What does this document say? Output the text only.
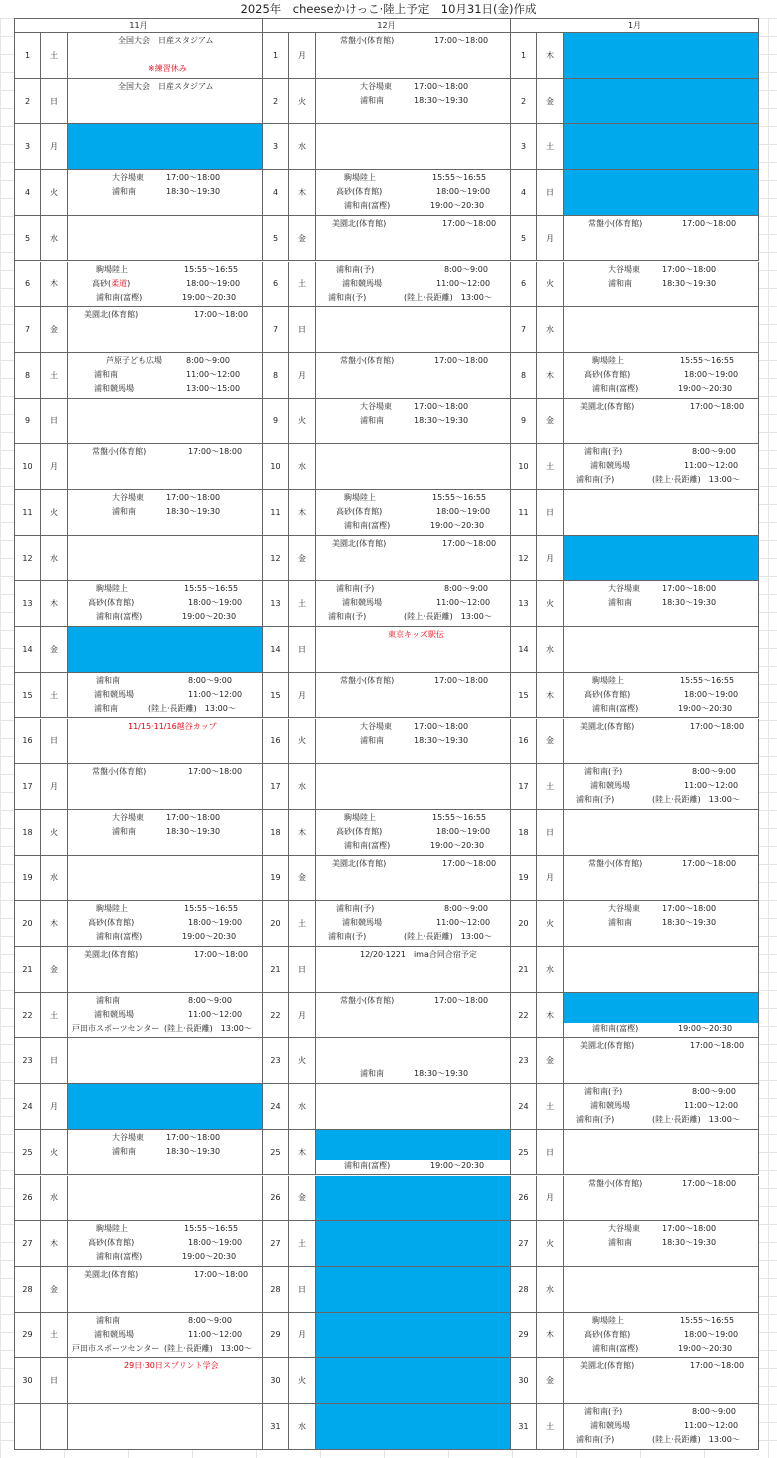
2025年　cheeseかけっこ·陸上予定　10月31日(金)作成
11月
1	土
全国大会　日産スタジアム
※練習休み
2	日
全国大会　日産スタジアム
3	月
4	火
大谷場東	17:00〜18:00
浦和南	18:30〜19:30
5	水
6	木
駒場陸上	15:55〜16:55
高砂(柔道)	18:00〜19:00
浦和南(富樫)	19:00〜20:30
7	金
美園北(体育館)	17:00〜18:00
8	土
芦原子ども広場	8:00〜9:00
浦和南	11:00〜12:00
浦和競馬場	13:00〜15:00
9	日
10	月
常盤小(体育館)	17:00〜18:00
11	火
大谷場東	17:00〜18:00
浦和南	18:30〜19:30
12	水
13	木
駒場陸上	15:55〜16:55
高砂(体育館)	18:00〜19:00
浦和南(富樫)	19:00〜20:30
14	金
15	土
浦和南	8:00〜9:00
浦和競馬場	11:00〜12:00
浦和南	(陸上·長距離)　13:00〜
16	日
11/15·11/16越谷カップ
17	月
常盤小(体育館)	17:00〜18:00
18	火
大谷場東	17:00〜18:00
浦和南	18:30〜19:30
19	水
20	木
駒場陸上	15:55〜16:55
高砂(体育館)	18:00〜19:00
浦和南(富樫)	19:00〜20:30
21	金
美園北(体育館)	17:00〜18:00
22	土
浦和南	8:00〜9:00
浦和競馬場	11:00〜12:00
戸田市スポーツセンター (陸上·長距離)　13:00〜
23	日
24	月
25	火
大谷場東	17:00〜18:00
浦和南	18:30〜19:30
26	水
27	木
駒場陸上	15:55〜16:55
高砂(体育館)	18:00〜19:00
浦和南(富樫)	19:00〜20:30
28	金
美園北(体育館)	17:00〜18:00
29	土
浦和南	8:00〜9:00
浦和競馬場	11:00〜12:00
戸田市スポーツセンター (陸上·長距離)　13:00〜
30	日
29日·30日スプリント学会
12月
1	月
常盤小(体育館)	17:00〜18:00
2	火
大谷場東	17:00〜18:00
浦和南	18:30〜19:30
3	水
4	木
駒場陸上	15:55〜16:55
高砂(体育館)	18:00〜19:00
浦和南(富樫)	19:00〜20:30
5	金
美園北(体育館)	17:00〜18:00
6	土
浦和南(予)	8:00〜9:00
浦和競馬場	11:00〜12:00
浦和南(予)	(陸上·長距離)　13:00〜
7	日
8	月
常盤小(体育館)	17:00〜18:00
9	火
大谷場東	17:00〜18:00
浦和南	18:30〜19:30
10	水
11	木
駒場陸上	15:55〜16:55
高砂(体育館)	18:00〜19:00
浦和南(富樫)	19:00〜20:30
12	金
美園北(体育館)	17:00〜18:00
13	土
浦和南(予)	8:00〜9:00
浦和競馬場	11:00〜12:00
浦和南(予)	(陸上·長距離)　13:00〜
14	日
東京キッズ駅伝
15	月
常盤小(体育館)	17:00〜18:00
16	火
大谷場東	17:00〜18:00
浦和南	18:30〜19:30
17	水
18	木
駒場陸上	15:55〜16:55
高砂(体育館)	18:00〜19:00
浦和南(富樫)	19:00〜20:30
19	金
美園北(体育館)	17:00〜18:00
20	土
浦和南(予)	8:00〜9:00
浦和競馬場	11:00〜12:00
浦和南(予)	(陸上·長距離)　13:00〜
21	日
12/20·1221　ima合同合宿予定
22	月
常盤小(体育館)	17:00〜18:00
23	火
浦和南	18:30〜19:30
24	水
25	木
浦和南(富樫)	19:00〜20:30
26	金
27	土
28	日
29	月
30	火
31	水
1月
1	木
2	金
3	土
4	日
5	月
常盤小(体育館)	17:00〜18:00
6	火
大谷場東	17:00〜18:00
浦和南	18:30〜19:30
7	水
8	木
駒場陸上	15:55〜16:55
高砂(体育館)	18:00〜19:00
浦和南(富樫)	19:00〜20:30
9	金
美園北(体育館)	17:00〜18:00
10	土
浦和南(予)	8:00〜9:00
浦和競馬場	11:00〜12:00
浦和南(予)	(陸上·長距離)　13:00〜
11	日
12	月
13	火
大谷場東	17:00〜18:00
浦和南	18:30〜19:30
14	水
15	木
駒場陸上	15:55〜16:55
高砂(体育館)	18:00〜19:00
浦和南(富樫)	19:00〜20:30
16	金
美園北(体育館)	17:00〜18:00
17	土
浦和南(予)	8:00〜9:00
浦和競馬場	11:00〜12:00
浦和南(予)	(陸上·長距離)　13:00〜
18	日
19	月
常盤小(体育館)	17:00〜18:00
20	火
大谷場東	17:00〜18:00
浦和南	18:30〜19:30
21	水
22	木
浦和南(富樫)	19:00〜20:30
23	金
美園北(体育館)	17:00〜18:00
24	土
浦和南(予)	8:00〜9:00
浦和競馬場	11:00〜12:00
浦和南(予)	(陸上·長距離)　13:00〜
25	日
26	月
常盤小(体育館)	17:00〜18:00
27	火
大谷場東	17:00〜18:00
浦和南	18:30〜19:30
28	水
29	木
駒場陸上	15:55〜16:55
高砂(体育館)	18:00〜19:00
浦和南(富樫)	19:00〜20:30
30	金
美園北(体育館)	17:00〜18:00
31	土
浦和南(予)	8:00〜9:00
浦和競馬場	11:00〜12:00
浦和南(予)	(陸上·長距離)　13:00〜
